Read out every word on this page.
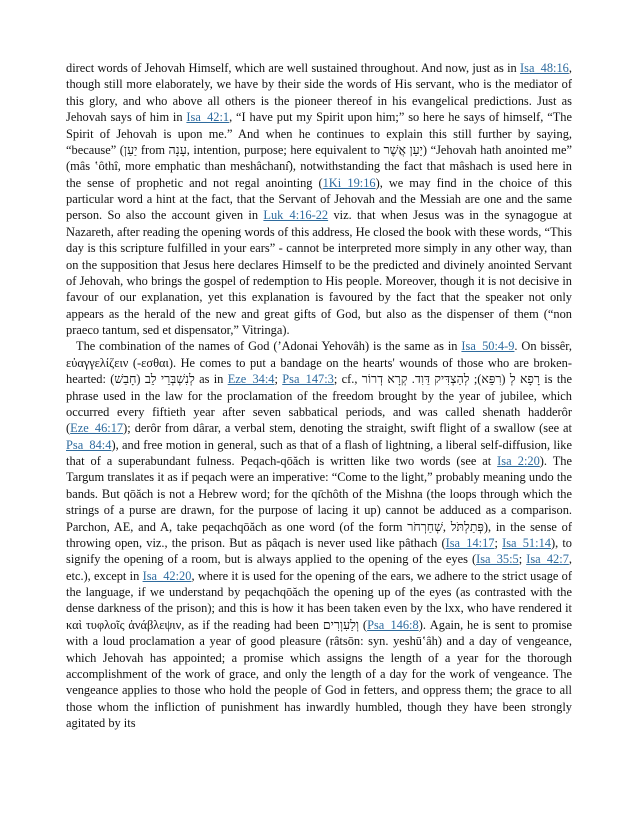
direct words of Jehovah Himself, which are well sustained throughout. And now, just as in Isa_48:16, though still more elaborately, we have by their side the words of His servant, who is the mediator of this glory, and who above all others is the pioneer thereof in his evangelical predictions. Just as Jehovah says of him in Isa_42:1, “I have put my Spirit upon him;” so here he says of himself, “The Spirit of Jehovah is upon me.” And when he continues to explain this still further by saying, “because” (יַעַן from עָנָה, intention, purpose; here equivalent to יַעַן אֲשֶׁר) “Jehovah hath anointed me” (mâs ‛ôthî, more emphatic than meshâchanı̂), notwithstanding the fact that mâshach is used here in the sense of prophetic and not regal anointing (1Ki_19:16), we may find in the choice of this particular word a hint at the fact, that the Servant of Jehovah and the Messiah are one and the same person. So also the account given in Luk_4:16-22 viz. that when Jesus was in the synagogue at Nazareth, after reading the opening words of this address, He closed the book with these words, “This day is this scripture fulfilled in your ears” - cannot be interpreted more simply in any other way, than on the supposition that Jesus here declares Himself to be the predicted and divinely anointed Servant of Jehovah, who brings the gospel of redemption to His people. Moreover, though it is not decisive in favour of our explanation, yet this explanation is favoured by the fact that the speaker not only appears as the herald of the new and great gifts of God, but also as the dispenser of them (“non praeco tantum, sed et dispensator,” Vitringa).

The combination of the names of God (’Adonai Yehovâh) is the same as in Isa_50:4-9. On bissêr, εὐαγγελίζειν (-εσθαι). He comes to put a bandage on the hearts' wounds of those who are broken-hearted: לְנִשְׁבְּרֵי לֵב (חָבַשׁ) as in Eze_34:4; Psa_147:3; cf., רָפָא לְ (רִפֵּא); לְהַצְדִּיק דַּוִד. קְרָא דְרוֹר is the phrase used in the law for the proclamation of the freedom brought by the year of jubilee, which occurred every fiftieth year after seven sabbatical periods, and was called shenath hadderôr (Eze_46:17); derôr from dârar, a verbal stem, denoting the straight, swift flight of a swallow (see at Psa_84:4), and free motion in general, such as that of a flash of lightning, a liberal self-diffusion, like that of a superabundant fulness. Peqach-qōăch is written like two words (see at Isa_2:20). The Targum translates it as if peqach were an imperative: “Come to the light,” probably meaning undo the bands. But qōăch is not a Hebrew word; for the qı̄chôth of the Mishna (the loops through which the strings of a purse are drawn, for the purpose of lacing it up) cannot be adduced as a comparison. Parchon, AE, and A, take peqachqōăch as one word (of the form פְּתַלְתֹּל ,שְׁחַרְחֹר), in the sense of throwing open, viz., the prison. But as pâqach is never used like pâthach (Isa_14:17; Isa_51:14), to signify the opening of a room, but is always applied to the opening of the eyes (Isa_35:5; Isa_42:7, etc.), except in Isa_42:20, where it is used for the opening of the ears, we adhere to the strict usage of the language, if we understand by peqachqōăch the opening up of the eyes (as contrasted with the dense darkness of the prison); and this is how it has been taken even by the lxx, who have rendered it καὶ τυφλοῖς ἀνάβλεψιν, as if the reading had been וְלַעִוְרִים (Psa_146:8). Again, he is sent to promise with a loud proclamation a year of good pleasure (râtsōn: syn. yeshū‛âh) and a day of vengeance, which Jehovah has appointed; a promise which assigns the length of a year for the thorough accomplishment of the work of grace, and only the length of a day for the work of vengeance. The vengeance applies to those who hold the people of God in fetters, and oppress them; the grace to all those whom the infliction of punishment has inwardly humbled, though they have been strongly agitated by its
